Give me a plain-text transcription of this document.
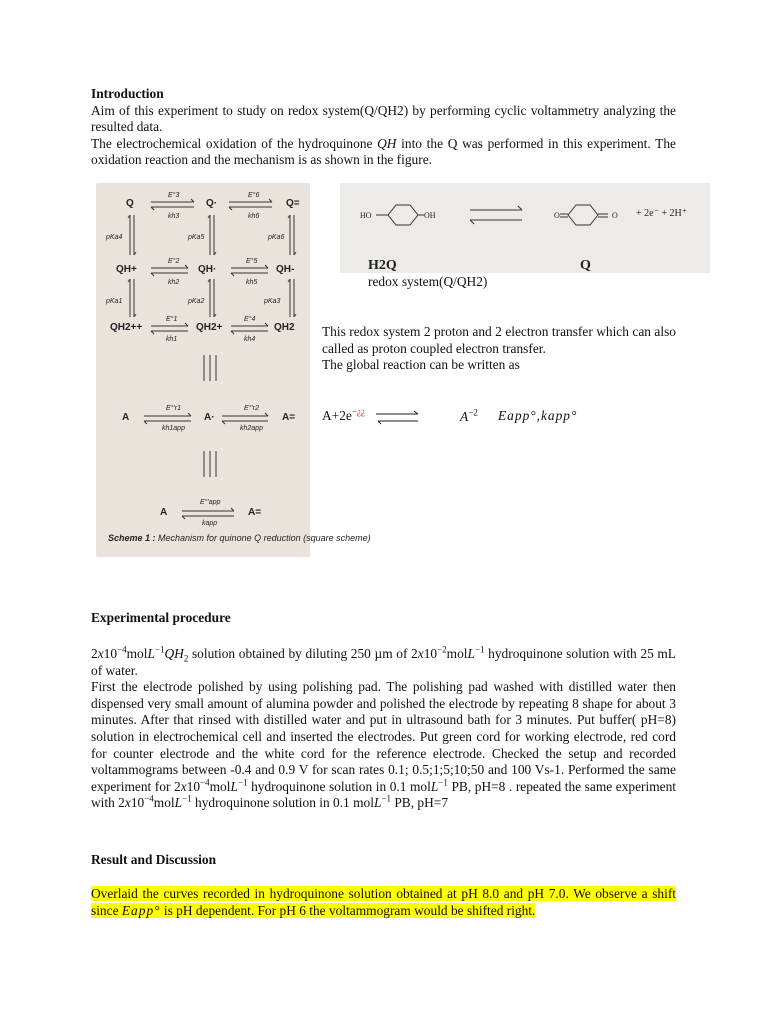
Introduction
Aim of this experiment to study on redox system(Q/QH2) by performing cyclic voltammetry analyzing the resulted data.
The electrochemical oxidation of the hydroquinone QH into the Q was performed in this experiment. The oxidation reaction and the mechanism is as shown in the figure.
Q	Q·	Q=
QH+	QH·	QH-
QH2++	QH2+	QH2
A	A·	A=
A	A=
pKa4
pKa1
pKa5
pKa2
pKa6
pKa3
E°3	E°6
E°2	E°5
E°1	E°4
E°'r1	E°'r2
E°'app
kh3	kh6
kh2	kh5
kh1	kh4
kh1app	kh2app
kapp
Scheme 1 : Mechanism for quinone Q reduction (square scheme)
HO	OH	O	O + 2e⁻ + 2H⁺
H2Q	Q
redox system(Q/QH2)
This redox system 2 proton and 2 electron transfer which can also called as proton coupled electron transfer.
The global reaction can be written as
A+2e−¿¿ ⇌	$A^{-2}$ Eapp°,kapp°
Experimental procedure
$2x10^{-4}molL^{-1}QH_2$ solution obtained by diluting 250 µm of $2x10^{-2}molL^{-1}$ hydroquinone solution with 25 mL of water.
First the electrode polished by using polishing pad. The polishing pad washed with distilled water then dispensed very small amount of alumina powder and polished the electrode by repeating 8 shape for about 3 minutes. After that rinsed with distilled water and put in ultrasound bath for 3 minutes. Put buffer( pH=8) solution in electrochemical cell and inserted the electrodes. Put green cord for working electrode, red cord for counter electrode and the white cord for the reference electrode. Checked the setup and recorded voltammograms between -0.4 and 0.9 V for scan rates 0.1; 0.5;1;5;10;50 and 100 Vs-1. Performed the same experiment for $2x10^{-4}molL^{-1}$ hydroquinone solution in 0.1 molL$^{-1}$ PB, pH=8 . repeated the same experiment with $2x10^{-4}molL^{-1}$ hydroquinone solution in 0.1 molL$^{-1}$ PB, pH=7
Result and Discussion
Overlaid the curves recorded in hydroquinone solution obtained at pH 8.0 and pH 7.0. We observe a shift since Eapp° is pH dependent. For pH 6 the voltammogram would be shifted right.
